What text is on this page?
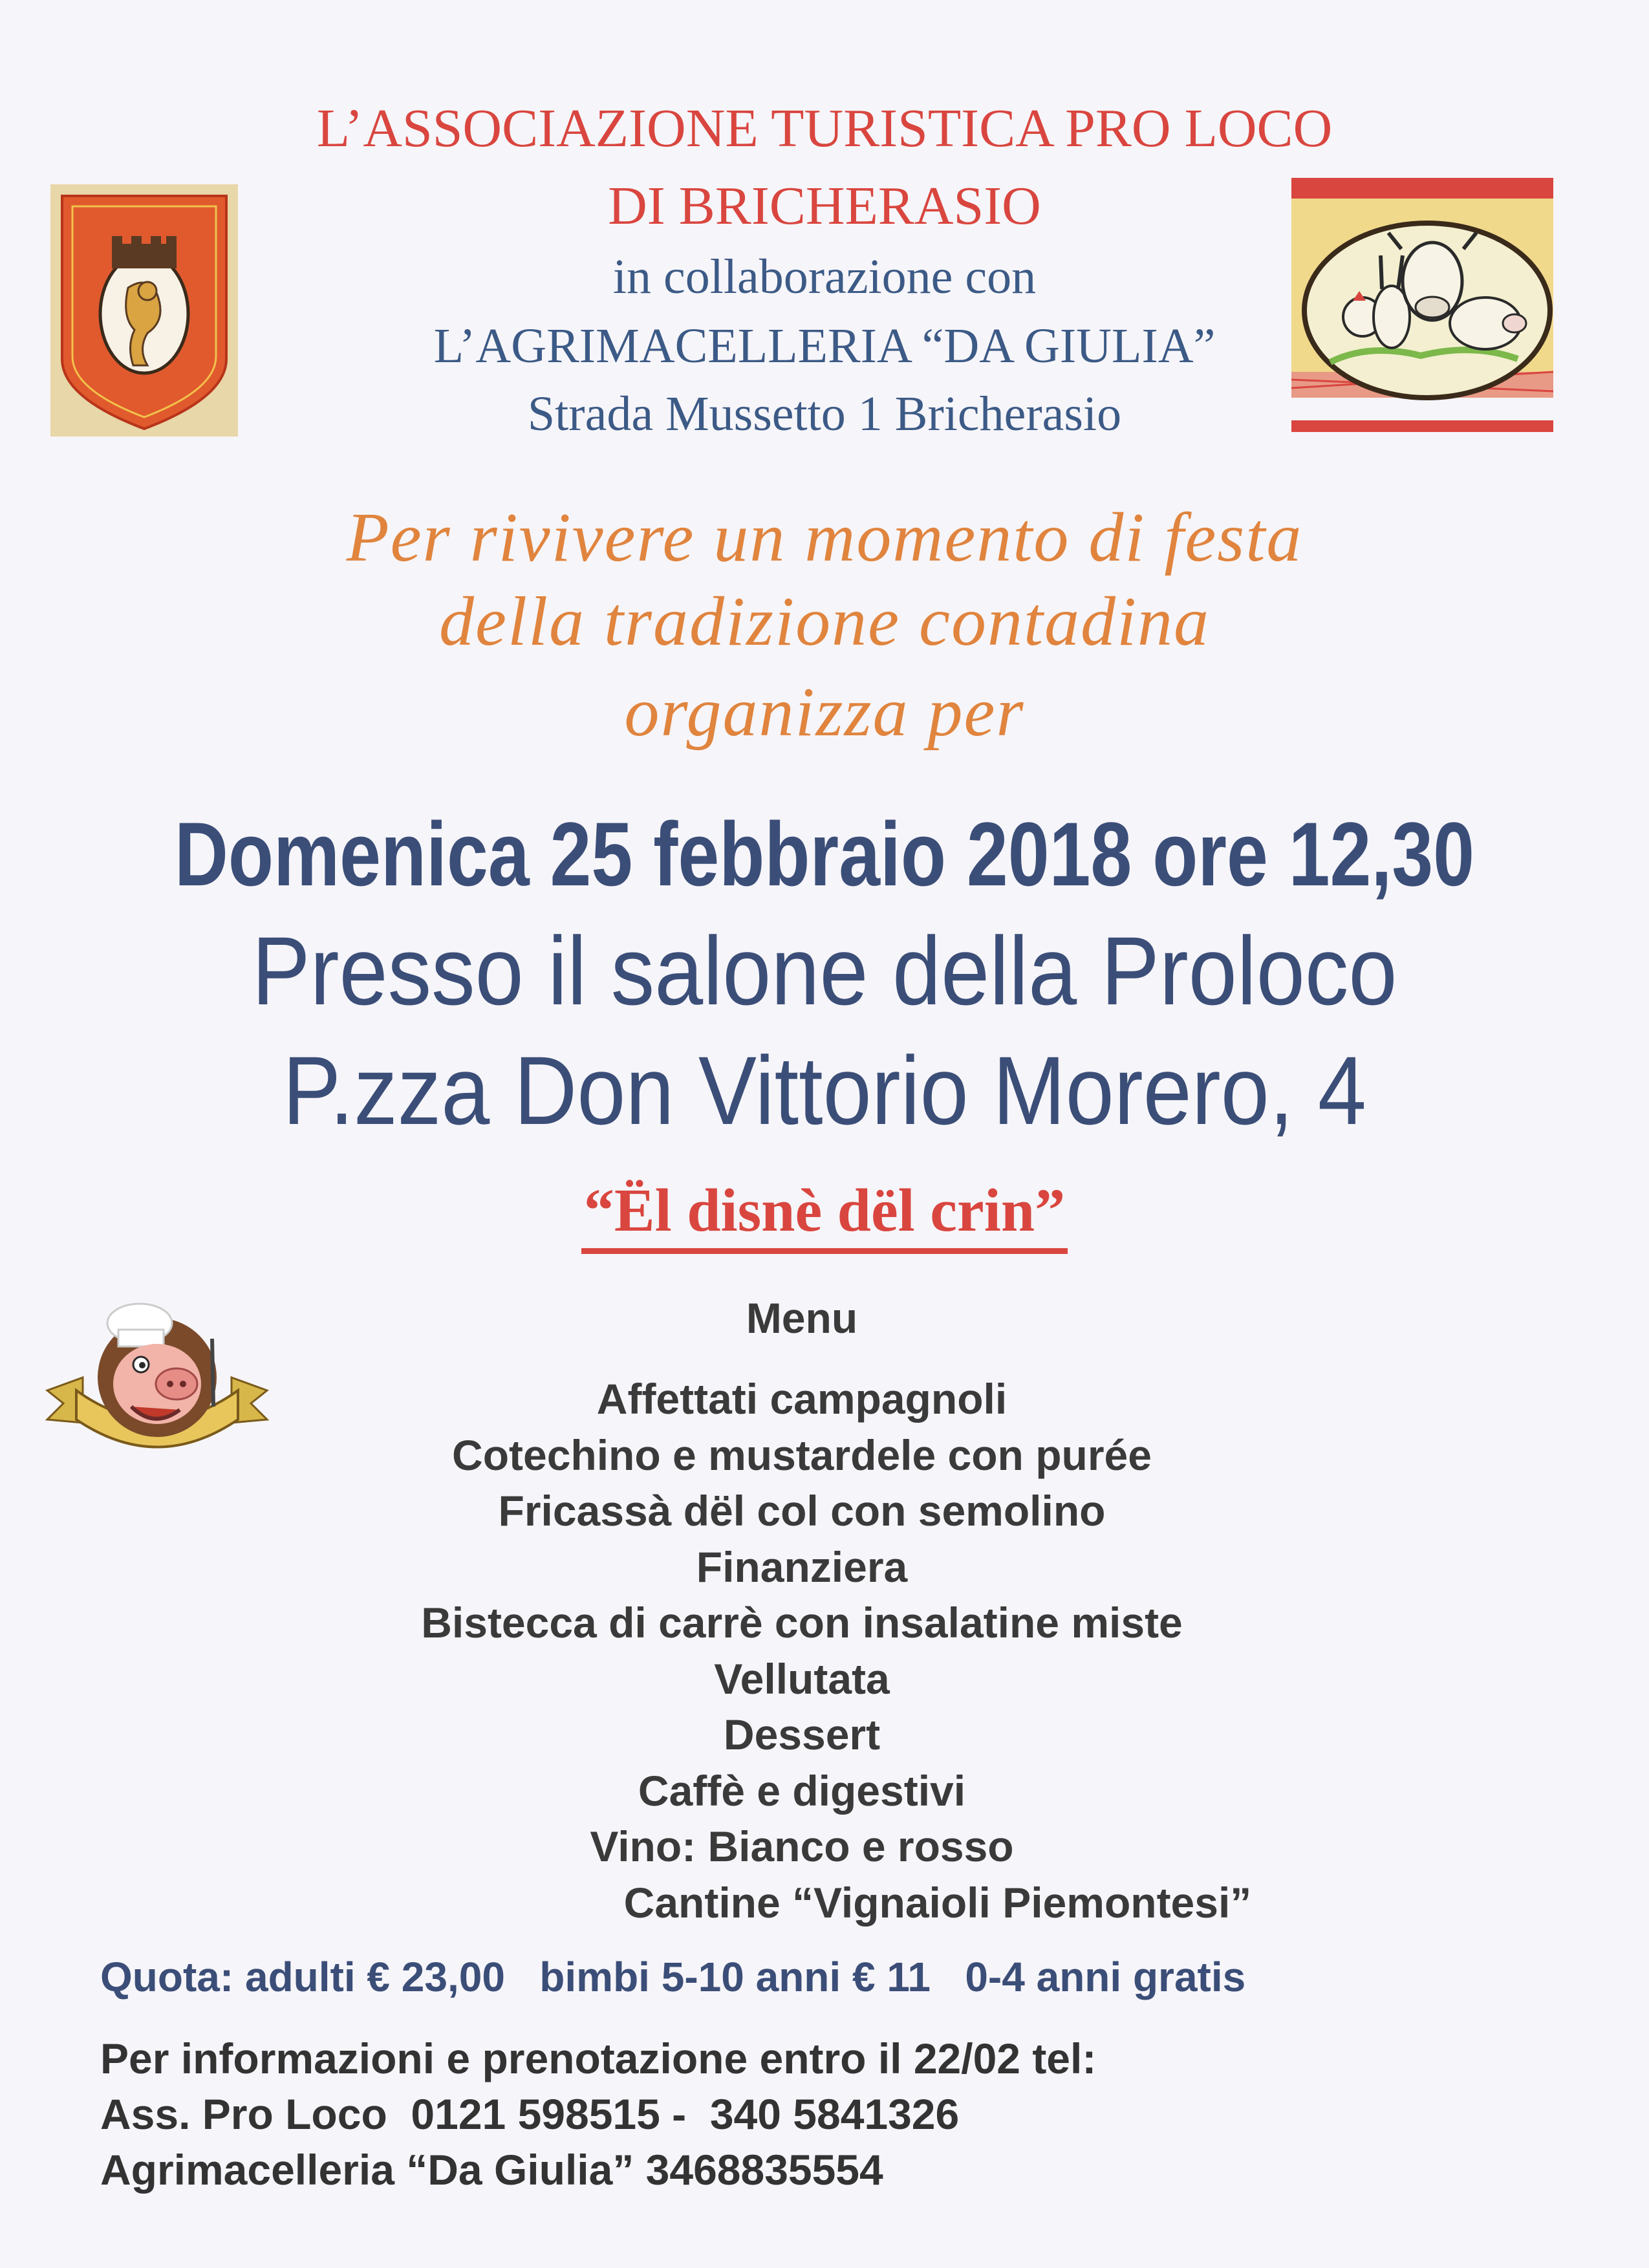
L’ASSOCIAZIONE TURISTICA PRO LOCO
DI BRICHERASIO
in collaborazione con
L’AGRIMACELLERIA “DA GIULIA”
Strada Mussetto 1 Bricherasio
Per rivivere un momento di festa
della tradizione contadina
organizza per
Domenica 25 febbraio 2018 ore 12,30
Presso il salone della Proloco
P.zza Don Vittorio Morero, 4
“Ël disnè dël crin”
Menu
Affettati campagnoli
Cotechino e mustardele con purée
Fricassà dël col con semolino
Finanziera
Bistecca di carrè con insalatine miste
Vellutata
Dessert
Caffè e digestivi
Vino: Bianco e rosso
Cantine “Vignaioli Piemontesi”
Quota: adulti € 23,00   bimbi 5-10 anni € 11   0-4 anni gratis
Per informazioni e prenotazione entro il 22/02 tel:
Ass. Pro Loco  0121 598515 -  340 5841326
Agrimacelleria “Da Giulia” 3468835554
